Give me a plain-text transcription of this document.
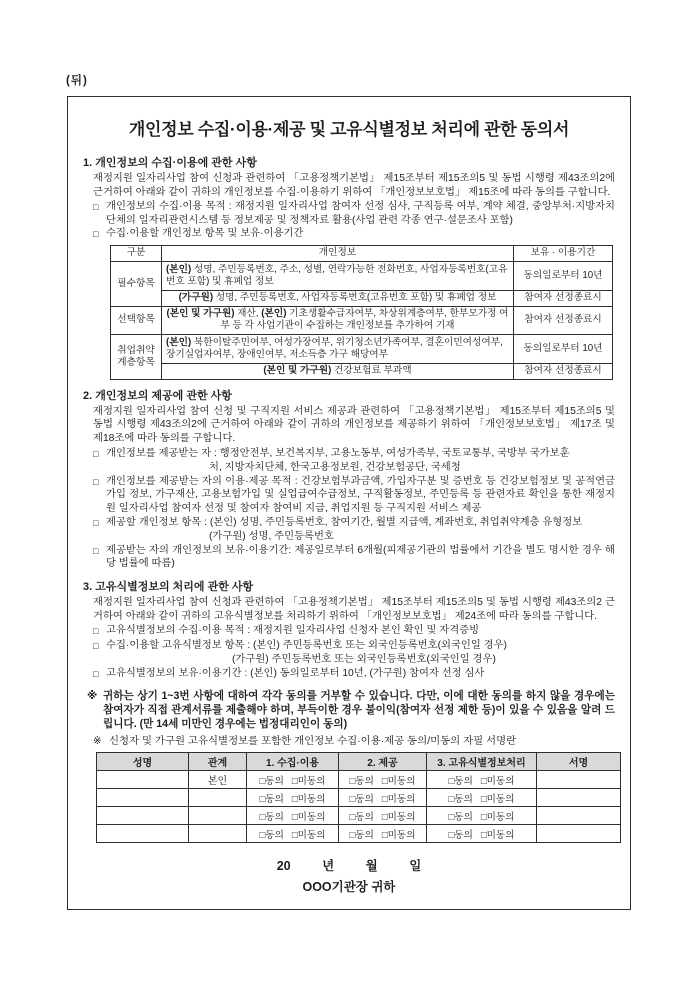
(뒤)
개인정보 수집·이용·제공 및 고유식별정보 처리에 관한 동의서
1. 개인정보의 수집·이용에 관한 사항
재정지원 일자리사업 참여 신청과 관련하여 「고용정책기본법」 제15조부터 제15조의5 및 동법 시행령 제43조의2에 근거하여 아래와 같이 귀하의 개인정보를 수집·이용하기 위하여 「개인정보보호법」 제15조에 따라 동의를 구합니다.
□ 개인정보의 수집·이용 목적 : 재정지원 일자리사업 참여자 선정 심사, 구직등록 여부, 계약 체결, 중앙부처·지방자치단체의 일자리관련시스템 등 정보제공 및 정책자료 활용(사업 관련 각종 연구·설문조사 포함)
□ 수집·이용할 개인정보 항목 및 보유·이용기간
구분	개인정보	보유 · 이용기간
필수항목	(본인) 성명, 주민등록번호, 주소, 성별, 연락가능한 전화번호, 사업자등록번호(고유번호 포함) 및 휴폐업 정보	동의일로부터 10년
	(가구원) 성명, 주민등록번호, 사업자등록번호(고유번호 포함) 및 휴폐업 정보	참여자 선정종료시
선택항목	(본인 및 가구원) 재산, (본인) 기초생활수급자여부, 차상위계층여부, 한부모가정 여부 등 각 사업기관이 수집하는 개인정보를 추가하여 기재	참여자 선정종료시
취업취약 계층항목	(본인) 북한이탈주민여부, 여성가장여부, 위기청소년가족여부, 결혼이민여성여부, 장기실업자여부, 장애인여부, 저소득층 가구 해당여부	동의일로부터 10년
	(본인 및 가구원) 건강보험료 부과액	참여자 선정종료시
2. 개인정보의 제공에 관한 사항
재정지원 일자리사업 참여 신청 및 구직지원 서비스 제공과 관련하여 「고용정책기본법」 제15조부터 제15조의5 및 동법 시행령 제43조의2에 근거하여 아래와 같이 귀하의 개인정보를 제공하기 위하여 「개인정보보호법」 제17조 및 제18조에 따라 동의를 구합니다.
□ 개인정보를 제공받는 자 : 행정안전부, 보건복지부, 고용노동부, 여성가족부, 국토교통부, 국방부 국가보훈
처, 지방자치단체, 한국고용정보원, 건강보험공단, 국세청
□ 개인정보를 제공받는 자의 이용·제공 목적 : 건강보험부과금액, 가입자구분 및 증번호 등 건강보험정보 및 공적연금가입 정보, 가구재산, 고용보험가입 및 실업급여수급정보, 구직활동정보, 주민등록 등 관련자료 확인을 통한 재정지원 일자리사업 참여자 선정 및 참여자 참여비 지급, 취업지원 등 구직지원 서비스 제공
□ 제공할 개인정보 항목 : (본인) 성명, 주민등록번호, 참여기간, 월별 지급액, 계좌번호, 취업취약계층 유형정보
(가구원) 성명, 주민등록번호
□ 제공받는 자의 개인정보의 보유·이용기간: 제공일로부터 6개월(피제공기관의 법률에서 기간을 별도 명시한 경우 해당 법률에 따름)
3. 고유식별정보의 처리에 관한 사항
재정지원 일자리사업 참여 신청과 관련하여 「고용정책기본법」 제15조부터 제15조의5 및 동법 시행령 제43조의2 근거하여 아래와 같이 귀하의 고유식별정보를 처리하기 위하여 「개인정보보호법」 제24조에 따라 동의를 구합니다.
□ 고유식별정보의 수집·이용 목적 : 재정지원 일자리사업 신청자 본인 확인 및 자격증빙
□ 수집·이용할 고유식별정보 항목 : (본인) 주민등록번호 또는 외국인등록번호(외국인일 경우)
(가구원) 주민등록번호 또는 외국인등록번호(외국인일 경우)
□ 고유식별정보의 보유·이용기간 : (본인) 동의일로부터 10년, (가구원) 참여자 선정 심사
※ 귀하는 상기 1~3번 사항에 대하여 각각 동의를 거부할 수 있습니다. 다만, 이에 대한 동의를 하지 않을 경우에는 참여자가 직접 관계서류를 제출해야 하며, 부득이한 경우 불이익(참여자 선정 제한 등)이 있을 수 있음을 알려 드립니다. (만 14세 미만인 경우에는 법정대리인이 동의)
※ 신청자 및 가구원 고유식별정보를 포함한 개인정보 수집·이용·제공 동의/미동의 자필 서명란
성명	관계	1. 수집·이용	2. 제공	3. 고유식별정보처리	서명
	본인	□동의 □미동의	□동의 □미동의	□동의 □미동의	
		□동의 □미동의	□동의 □미동의	□동의 □미동의	
		□동의 □미동의	□동의 □미동의	□동의 □미동의	
		□동의 □미동의	□동의 □미동의	□동의 □미동의	
20	년	월	일
OOO기관장 귀하
